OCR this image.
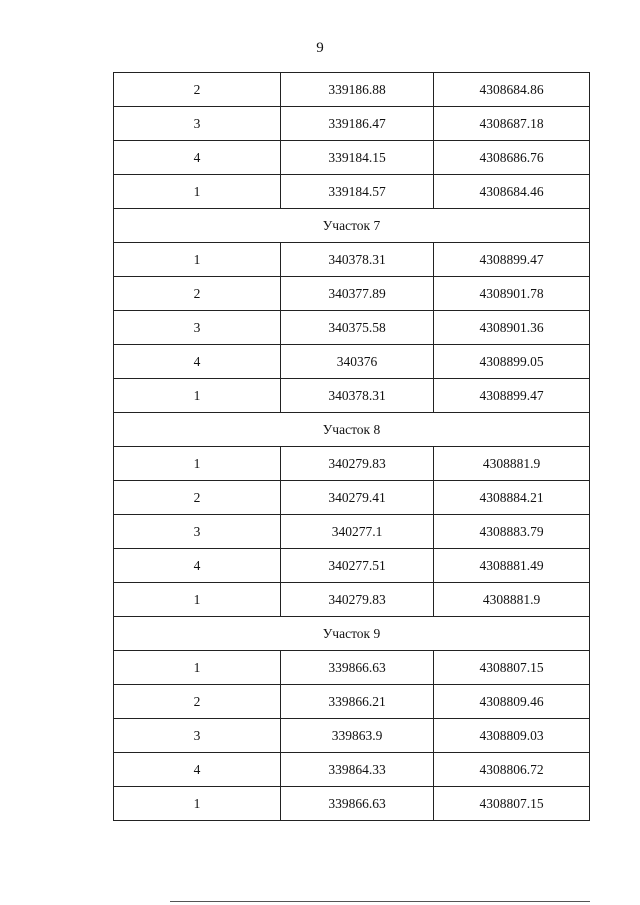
9
2	339186.88	4308684.86
3	339186.47	4308687.18
4	339184.15	4308686.76
1	339184.57	4308684.46
Участок 7		
1	340378.31	4308899.47
2	340377.89	4308901.78
3	340375.58	4308901.36
4	340376	4308899.05
1	340378.31	4308899.47
Участок 8		
1	340279.83	4308881.9
2	340279.41	4308884.21
3	340277.1	4308883.79
4	340277.51	4308881.49
1	340279.83	4308881.9
Участок 9		
1	339866.63	4308807.15
2	339866.21	4308809.46
3	339863.9	4308809.03
4	339864.33	4308806.72
1	339866.63	4308807.15
